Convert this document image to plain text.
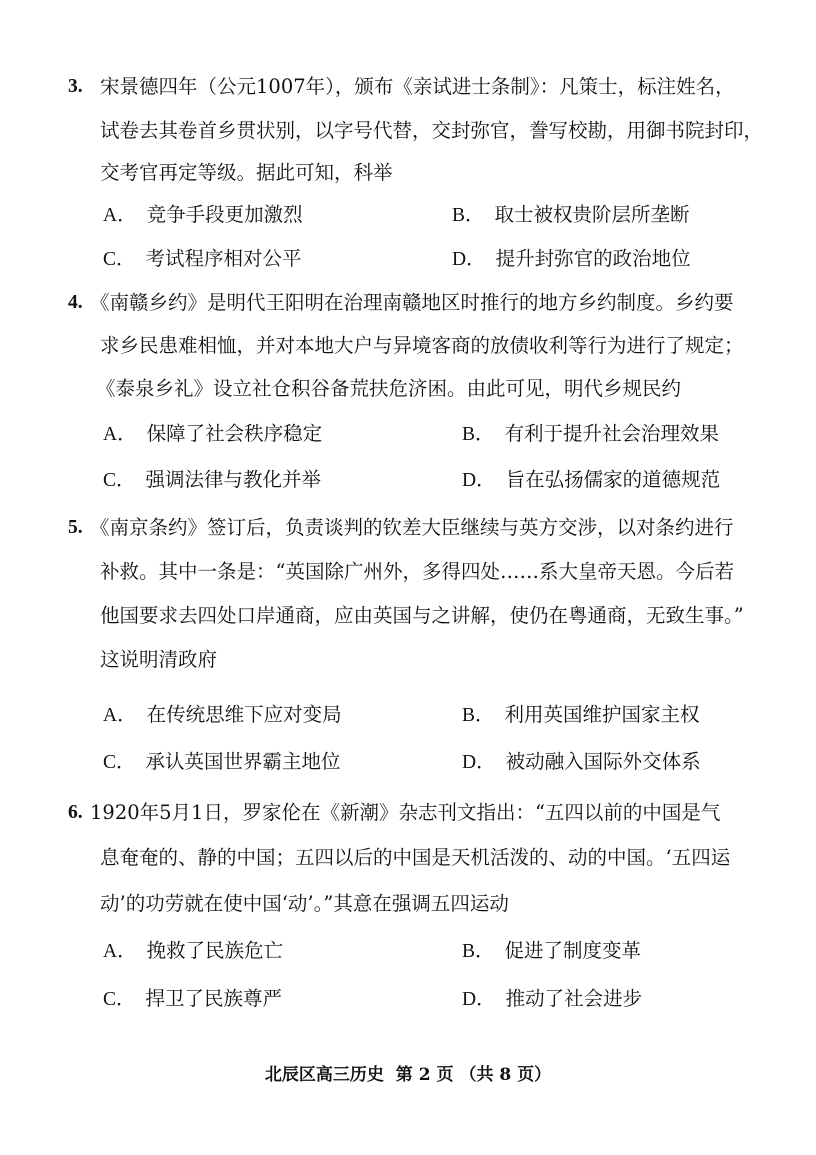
3. 宋景德四年（公元1007年），颁布《亲试进士条制》：凡策士，标注姓名，
试卷去其卷首乡贯状别，以字号代替，交封弥官，誊写校勘，用御书院封印，
交考官再定等级。据此可知，科举
A． 竞争手段更加激烈	B． 取士被权贵阶层所垄断
C． 考试程序相对公平	D． 提升封弥官的政治地位
4. 《南赣乡约》是明代王阳明在治理南赣地区时推行的地方乡约制度。乡约要
求乡民患难相恤，并对本地大户与异境客商的放债收利等行为进行了规定；
《泰泉乡礼》设立社仓积谷备荒扶危济困。由此可见，明代乡规民约
A． 保障了社会秩序稳定	B． 有利于提升社会治理效果
C． 强调法律与教化并举	D． 旨在弘扬儒家的道德规范
5. 《南京条约》签订后，负责谈判的钦差大臣继续与英方交涉，以对条约进行
补救。其中一条是：“英国除广州外，多得四处……系大皇帝天恩。今后若
他国要求去四处口岸通商，应由英国与之讲解，使仍在粤通商，无致生事。”
这说明清政府
A． 在传统思维下应对变局	B． 利用英国维护国家主权
C． 承认英国世界霸主地位	D． 被动融入国际外交体系
6. 1920年5月1日，罗家伦在《新潮》杂志刊文指出：“五四以前的中国是气
息奄奄的、静的中国；五四以后的中国是天机活泼的、动的中国。‘五四运
动’的功劳就在使中国‘动’。”其意在强调五四运动
A． 挽救了民族危亡	B． 促进了制度变革
C． 捍卫了民族尊严	D． 推动了社会进步
北辰区高三历史 第 2 页 （共 8 页）
